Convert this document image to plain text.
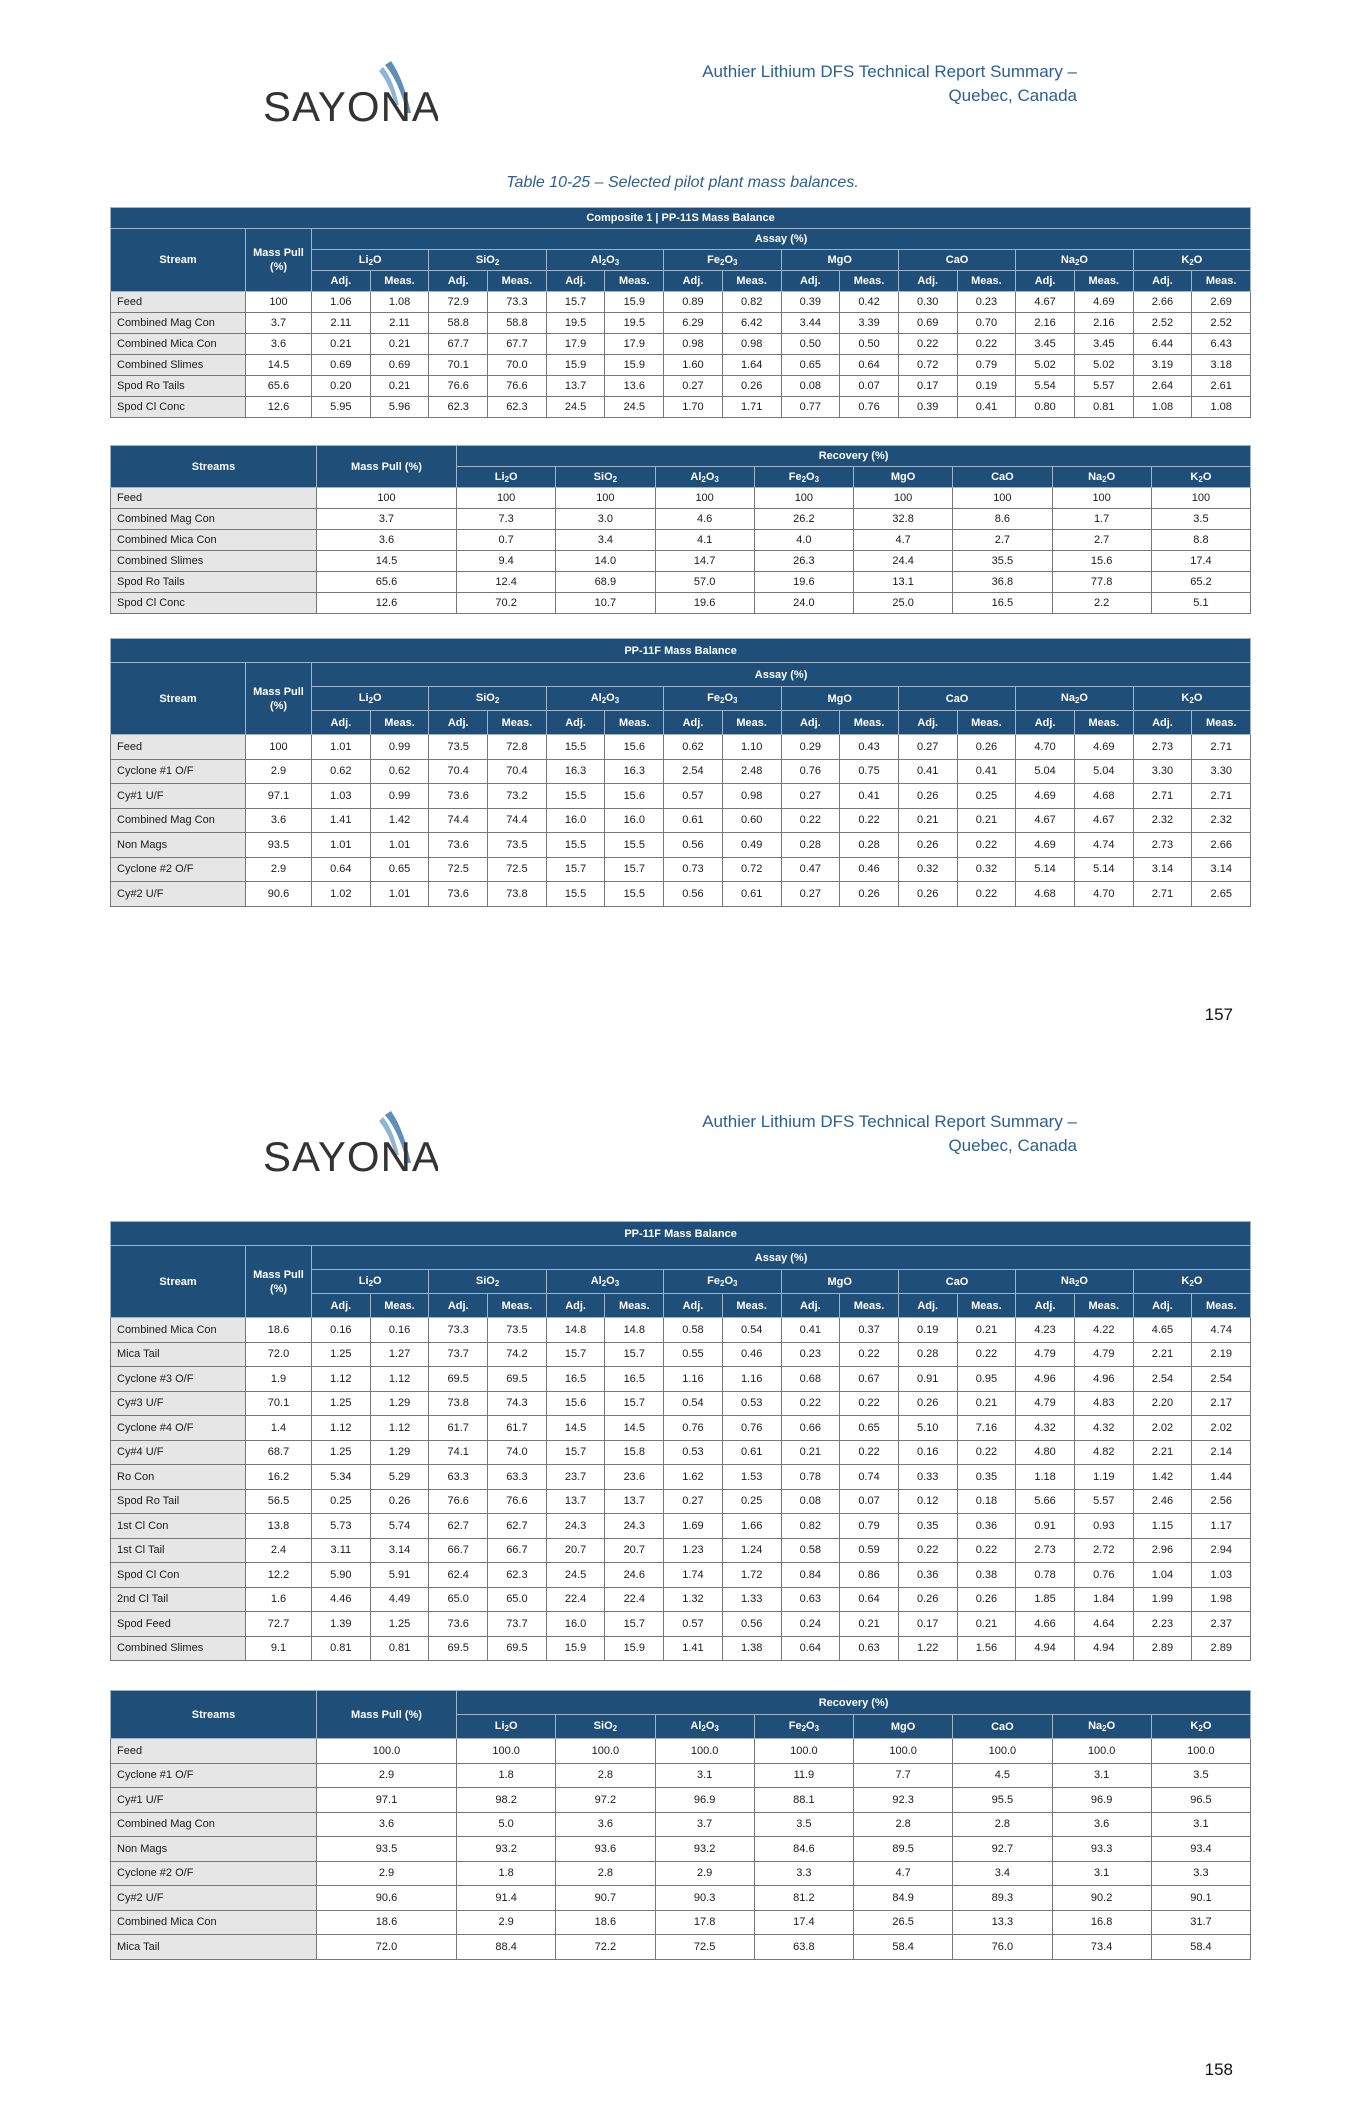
SAYONA
Authier Lithium DFS Technical Report Summary –
Quebec, Canada
Table 10-25 – Selected pilot plant mass balances.
Composite 1 | PP-11S Mass Balance																	
Stream	Mass Pull (%)	Assay (%)															
		$Li_2O$		SiO$_2$		$Al_2O_3$		$Fe_2O_3$		MgO		CaO		$Na_2O$		$K_2O$	
		Adj.	Meas.	Adj.	Meas.	Adj.	Meas.	Adj.	Meas.	Adj.	Meas.	Adj.	Meas.	Adj.	Meas.	Adj.	Meas.
Feed	100	1.06	1.08	72.9	73.3	15.7	15.9	0.89	0.82	0.39	0.42	0.30	0.23	4.67	4.69	2.66	2.69
Combined Mag Con	3.7	2.11	2.11	58.8	58.8	19.5	19.5	6.29	6.42	3.44	3.39	0.69	0.70	2.16	2.16	2.52	2.52
Combined Mica Con	3.6	0.21	0.21	67.7	67.7	17.9	17.9	0.98	0.98	0.50	0.50	0.22	0.22	3.45	3.45	6.44	6.43
Combined Slimes	14.5	0.69	0.69	70.1	70.0	15.9	15.9	1.60	1.64	0.65	0.64	0.72	0.79	5.02	5.02	3.19	3.18
Spod Ro Tails	65.6	0.20	0.21	76.6	76.6	13.7	13.6	0.27	0.26	0.08	0.07	0.17	0.19	5.54	5.57	2.64	2.61
Spod Cl Conc	12.6	5.95	5.96	62.3	62.3	24.5	24.5	1.70	1.71	0.77	0.76	0.39	0.41	0.80	0.81	1.08	1.08
Streams	Mass Pull (%)	Recovery (%)							
		$Li_2O$	SiO$_2$	$Al_2O_3$	$Fe_2O_3$	MgO	CaO	$Na_2O$	$K_2O$
Feed	100	100	100	100	100	100	100	100	100
Combined Mag Con	3.7	7.3	3.0	4.6	26.2	32.8	8.6	1.7	3.5
Combined Mica Con	3.6	0.7	3.4	4.1	4.0	4.7	2.7	2.7	8.8
Combined Slimes	14.5	9.4	14.0	14.7	26.3	24.4	35.5	15.6	17.4
Spod Ro Tails	65.6	12.4	68.9	57.0	19.6	13.1	36.8	77.8	65.2
Spod Cl Conc	12.6	70.2	10.7	19.6	24.0	25.0	16.5	2.2	5.1
PP-11F Mass Balance																	
Stream	Mass Pull (%)	Assay (%)															
		$Li_2O$		SiO$_2$		$Al_2O_3$		$Fe_2O_3$		MgO		CaO		$Na_2O$		$K_2O$	
		Adj.	Meas.	Adj.	Meas.	Adj.	Meas.	Adj.	Meas.	Adj.	Meas.	Adj.	Meas.	Adj.	Meas.	Adj.	Meas.
Feed	100	1.01	0.99	73.5	72.8	15.5	15.6	0.62	1.10	0.29	0.43	0.27	0.26	4.70	4.69	2.73	2.71
Cyclone #1 O/F	2.9	0.62	0.62	70.4	70.4	16.3	16.3	2.54	2.48	0.76	0.75	0.41	0.41	5.04	5.04	3.30	3.30
Cy#1 U/F	97.1	1.03	0.99	73.6	73.2	15.5	15.6	0.57	0.98	0.27	0.41	0.26	0.25	4.69	4.68	2.71	2.71
Combined Mag Con	3.6	1.41	1.42	74.4	74.4	16.0	16.0	0.61	0.60	0.22	0.22	0.21	0.21	4.67	4.67	2.32	2.32
Non Mags	93.5	1.01	1.01	73.6	73.5	15.5	15.5	0.56	0.49	0.28	0.28	0.26	0.22	4.69	4.74	2.73	2.66
Cyclone #2 O/F	2.9	0.64	0.65	72.5	72.5	15.7	15.7	0.73	0.72	0.47	0.46	0.32	0.32	5.14	5.14	3.14	3.14
Cy#2 U/F	90.6	1.02	1.01	73.6	73.8	15.5	15.5	0.56	0.61	0.27	0.26	0.26	0.22	4.68	4.70	2.71	2.65
157
SAYONA
Authier Lithium DFS Technical Report Summary –
Quebec, Canada
PP-11F Mass Balance																	
Stream	Mass Pull (%)	Assay (%)															
		$Li_2O$		SiO$_2$		$Al_2O_3$		$Fe_2O_3$		MgO		CaO		$Na_2O$		$K_2O$	
		Adj.	Meas.	Adj.	Meas.	Adj.	Meas.	Adj.	Meas.	Adj.	Meas.	Adj.	Meas.	Adj.	Meas.	Adj.	Meas.
Combined Mica Con	18.6	0.16	0.16	73.3	73.5	14.8	14.8	0.58	0.54	0.41	0.37	0.19	0.21	4.23	4.22	4.65	4.74
Mica Tail	72.0	1.25	1.27	73.7	74.2	15.7	15.7	0.55	0.46	0.23	0.22	0.28	0.22	4.79	4.79	2.21	2.19
Cyclone #3 O/F	1.9	1.12	1.12	69.5	69.5	16.5	16.5	1.16	1.16	0.68	0.67	0.91	0.95	4.96	4.96	2.54	2.54
Cy#3 U/F	70.1	1.25	1.29	73.8	74.3	15.6	15.7	0.54	0.53	0.22	0.22	0.26	0.21	4.79	4.83	2.20	2.17
Cyclone #4 O/F	1.4	1.12	1.12	61.7	61.7	14.5	14.5	0.76	0.76	0.66	0.65	5.10	7.16	4.32	4.32	2.02	2.02
Cy#4 U/F	68.7	1.25	1.29	74.1	74.0	15.7	15.8	0.53	0.61	0.21	0.22	0.16	0.22	4.80	4.82	2.21	2.14
Ro Con	16.2	5.34	5.29	63.3	63.3	23.7	23.6	1.62	1.53	0.78	0.74	0.33	0.35	1.18	1.19	1.42	1.44
Spod Ro Tail	56.5	0.25	0.26	76.6	76.6	13.7	13.7	0.27	0.25	0.08	0.07	0.12	0.18	5.66	5.57	2.46	2.56
1st Cl Con	13.8	5.73	5.74	62.7	62.7	24.3	24.3	1.69	1.66	0.82	0.79	0.35	0.36	0.91	0.93	1.15	1.17
1st Cl Tail	2.4	3.11	3.14	66.7	66.7	20.7	20.7	1.23	1.24	0.58	0.59	0.22	0.22	2.73	2.72	2.96	2.94
Spod Cl Con	12.2	5.90	5.91	62.4	62.3	24.5	24.6	1.74	1.72	0.84	0.86	0.36	0.38	0.78	0.76	1.04	1.03
2nd Cl Tail	1.6	4.46	4.49	65.0	65.0	22.4	22.4	1.32	1.33	0.63	0.64	0.26	0.26	1.85	1.84	1.99	1.98
Spod Feed	72.7	1.39	1.25	73.6	73.7	16.0	15.7	0.57	0.56	0.24	0.21	0.17	0.21	4.66	4.64	2.23	2.37
Combined Slimes	9.1	0.81	0.81	69.5	69.5	15.9	15.9	1.41	1.38	0.64	0.63	1.22	1.56	4.94	4.94	2.89	2.89
Streams	Mass Pull (%)	Recovery (%)							
		$Li_2O$	SiO$_2$	$Al_2O_3$	$Fe_2O_3$	MgO	CaO	$Na_2O$	$K_2O$
Feed	100.0	100.0	100.0	100.0	100.0	100.0	100.0	100.0	100.0
Cyclone #1 O/F	2.9	1.8	2.8	3.1	11.9	7.7	4.5	3.1	3.5
Cy#1 U/F	97.1	98.2	97.2	96.9	88.1	92.3	95.5	96.9	96.5
Combined Mag Con	3.6	5.0	3.6	3.7	3.5	2.8	2.8	3.6	3.1
Non Mags	93.5	93.2	93.6	93.2	84.6	89.5	92.7	93.3	93.4
Cyclone #2 O/F	2.9	1.8	2.8	2.9	3.3	4.7	3.4	3.1	3.3
Cy#2 U/F	90.6	91.4	90.7	90.3	81.2	84.9	89.3	90.2	90.1
Combined Mica Con	18.6	2.9	18.6	17.8	17.4	26.5	13.3	16.8	31.7
Mica Tail	72.0	88.4	72.2	72.5	63.8	58.4	76.0	73.4	58.4
158
